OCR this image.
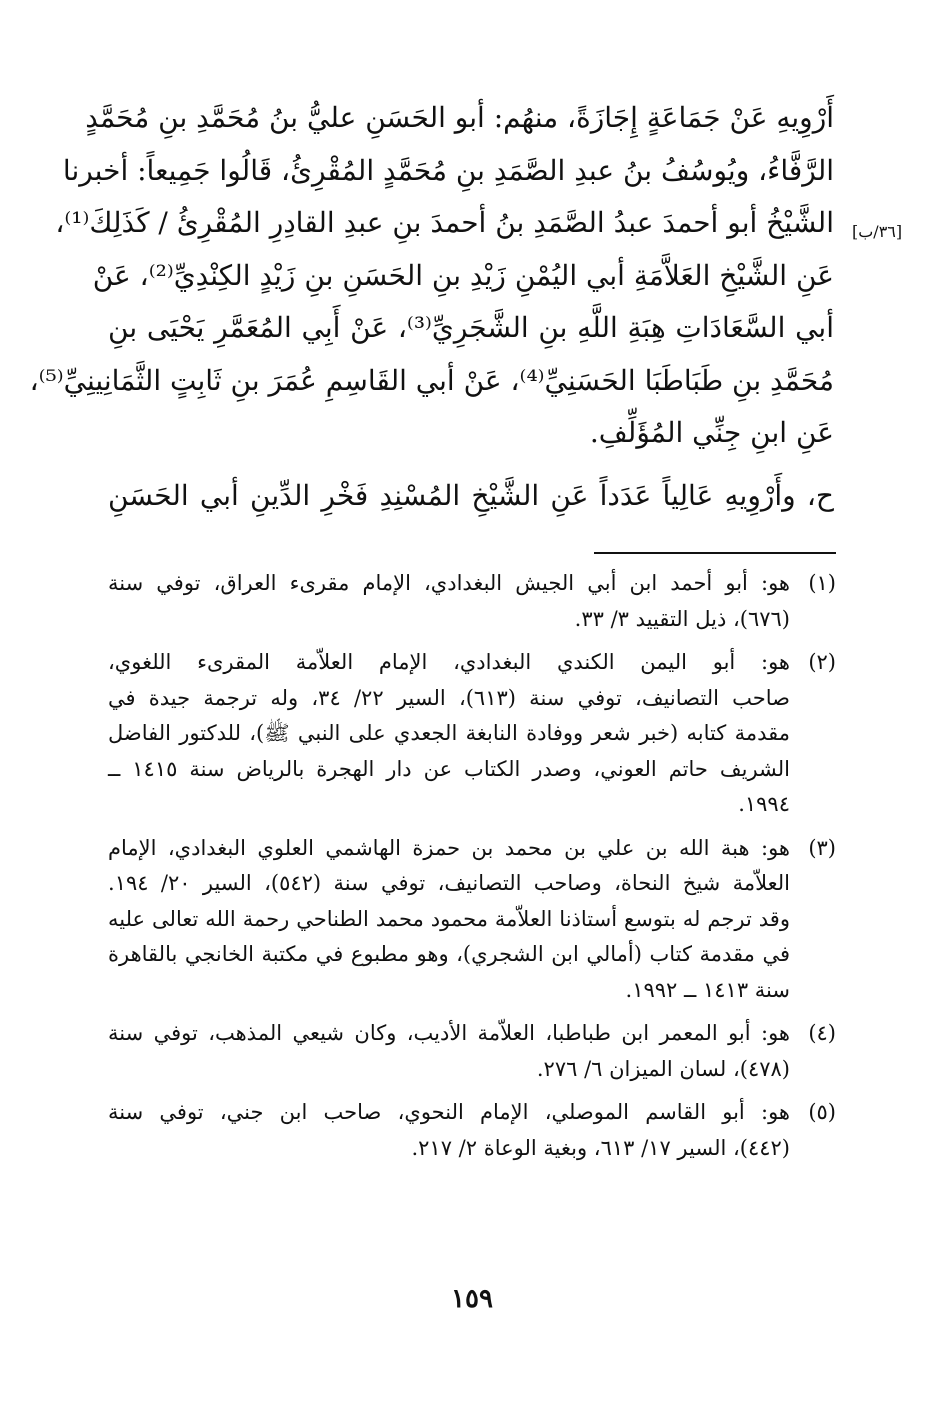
أَرْوِيهِ عَنْ جَمَاعَةٍ إِجَازَةً، منهُم: أبو الحَسَنِ عليُّ بنُ مُحَمَّدِ بنِ مُحَمَّدٍ
الرَّفَّاءُ، ويُوسُفُ بنُ عبدِ الصَّمَدِ بنِ مُحَمَّدٍ المُقْرِئُ، قَالُوا جَمِيعاً: أخبرنا
الشَّيْخُ أبو أحمدَ عبدُ الصَّمَدِ بنُ أحمدَ بنِ عبدِ القادِرِ المُقْرِئُ / كَذَلِكَ⁽¹⁾،
عَنِ الشَّيْخِ العَلاَّمَةِ أبي اليُمْنِ زَيْدِ بنِ الحَسَنِ بنِ زَيْدٍ الكِنْدِيِّ⁽²⁾، عَنْ
أبي السَّعَادَاتِ هِبَةِ اللَّهِ بنِ الشَّجَرِيِّ⁽³⁾، عَنْ أَبِي المُعَمَّرِ يَحْيَى بنِ
مُحَمَّدِ بنِ طَبَاطَبَا الحَسَنِيِّ⁽⁴⁾، عَنْ أبي القَاسِمِ عُمَرَ بنِ ثَابِتٍ الثَّمَانِينِيِّ⁽⁵⁾،
عَنِ ابنِ جِنِّي المُؤَلِّفِ.
ح، وأَرْوِيهِ عَالِياً عَدَداً عَنِ الشَّيْخِ المُسْنِدِ فَخْرِ الدِّينِ أبي الحَسَنِ
[٣٦/ب]
(١)
هو: أبو أحمد ابن أبي الجيش البغدادي، الإمام مقرىء العراق، توفي سنة
(٦٧٦)، ذيل التقييد ٣/ ٣٣.
(٢)
هو: أبو اليمن الكندي البغدادي، الإمام العلاّمة المقرىء اللغوي،
صاحب التصانيف، توفي سنة (٦١٣)، السير ٢٢/ ٣٤، وله ترجمة جيدة في
مقدمة كتابه (خبر شعر ووفادة النابغة الجعدي على النبي ﷺ)، للدكتور الفاضل
الشريف حاتم العوني، وصدر الكتاب عن دار الهجرة بالرياض سنة ١٤١٥ ــ
١٩٩٤.
(٣)
هو: هبة الله بن علي بن محمد بن حمزة الهاشمي العلوي البغدادي، الإمام
العلاّمة شيخ النحاة، وصاحب التصانيف، توفي سنة (٥٤٢)، السير ٢٠/ ١٩٤.
وقد ترجم له بتوسع أستاذنا العلاّمة محمود محمد الطناحي رحمة الله تعالى عليه
في مقدمة كتاب (أمالي ابن الشجري)، وهو مطبوع في مكتبة الخانجي بالقاهرة
سنة ١٤١٣ ــ ١٩٩٢.
(٤)
هو: أبو المعمر ابن طباطبا، العلاّمة الأديب، وكان شيعي المذهب، توفي سنة
(٤٧٨)، لسان الميزان ٦/ ٢٧٦.
(٥)
هو: أبو القاسم الموصلي، الإمام النحوي، صاحب ابن جني، توفي سنة
(٤٤٢)، السير ١٧/ ٦١٣، وبغية الوعاة ٢/ ٢١٧.
١٥٩
